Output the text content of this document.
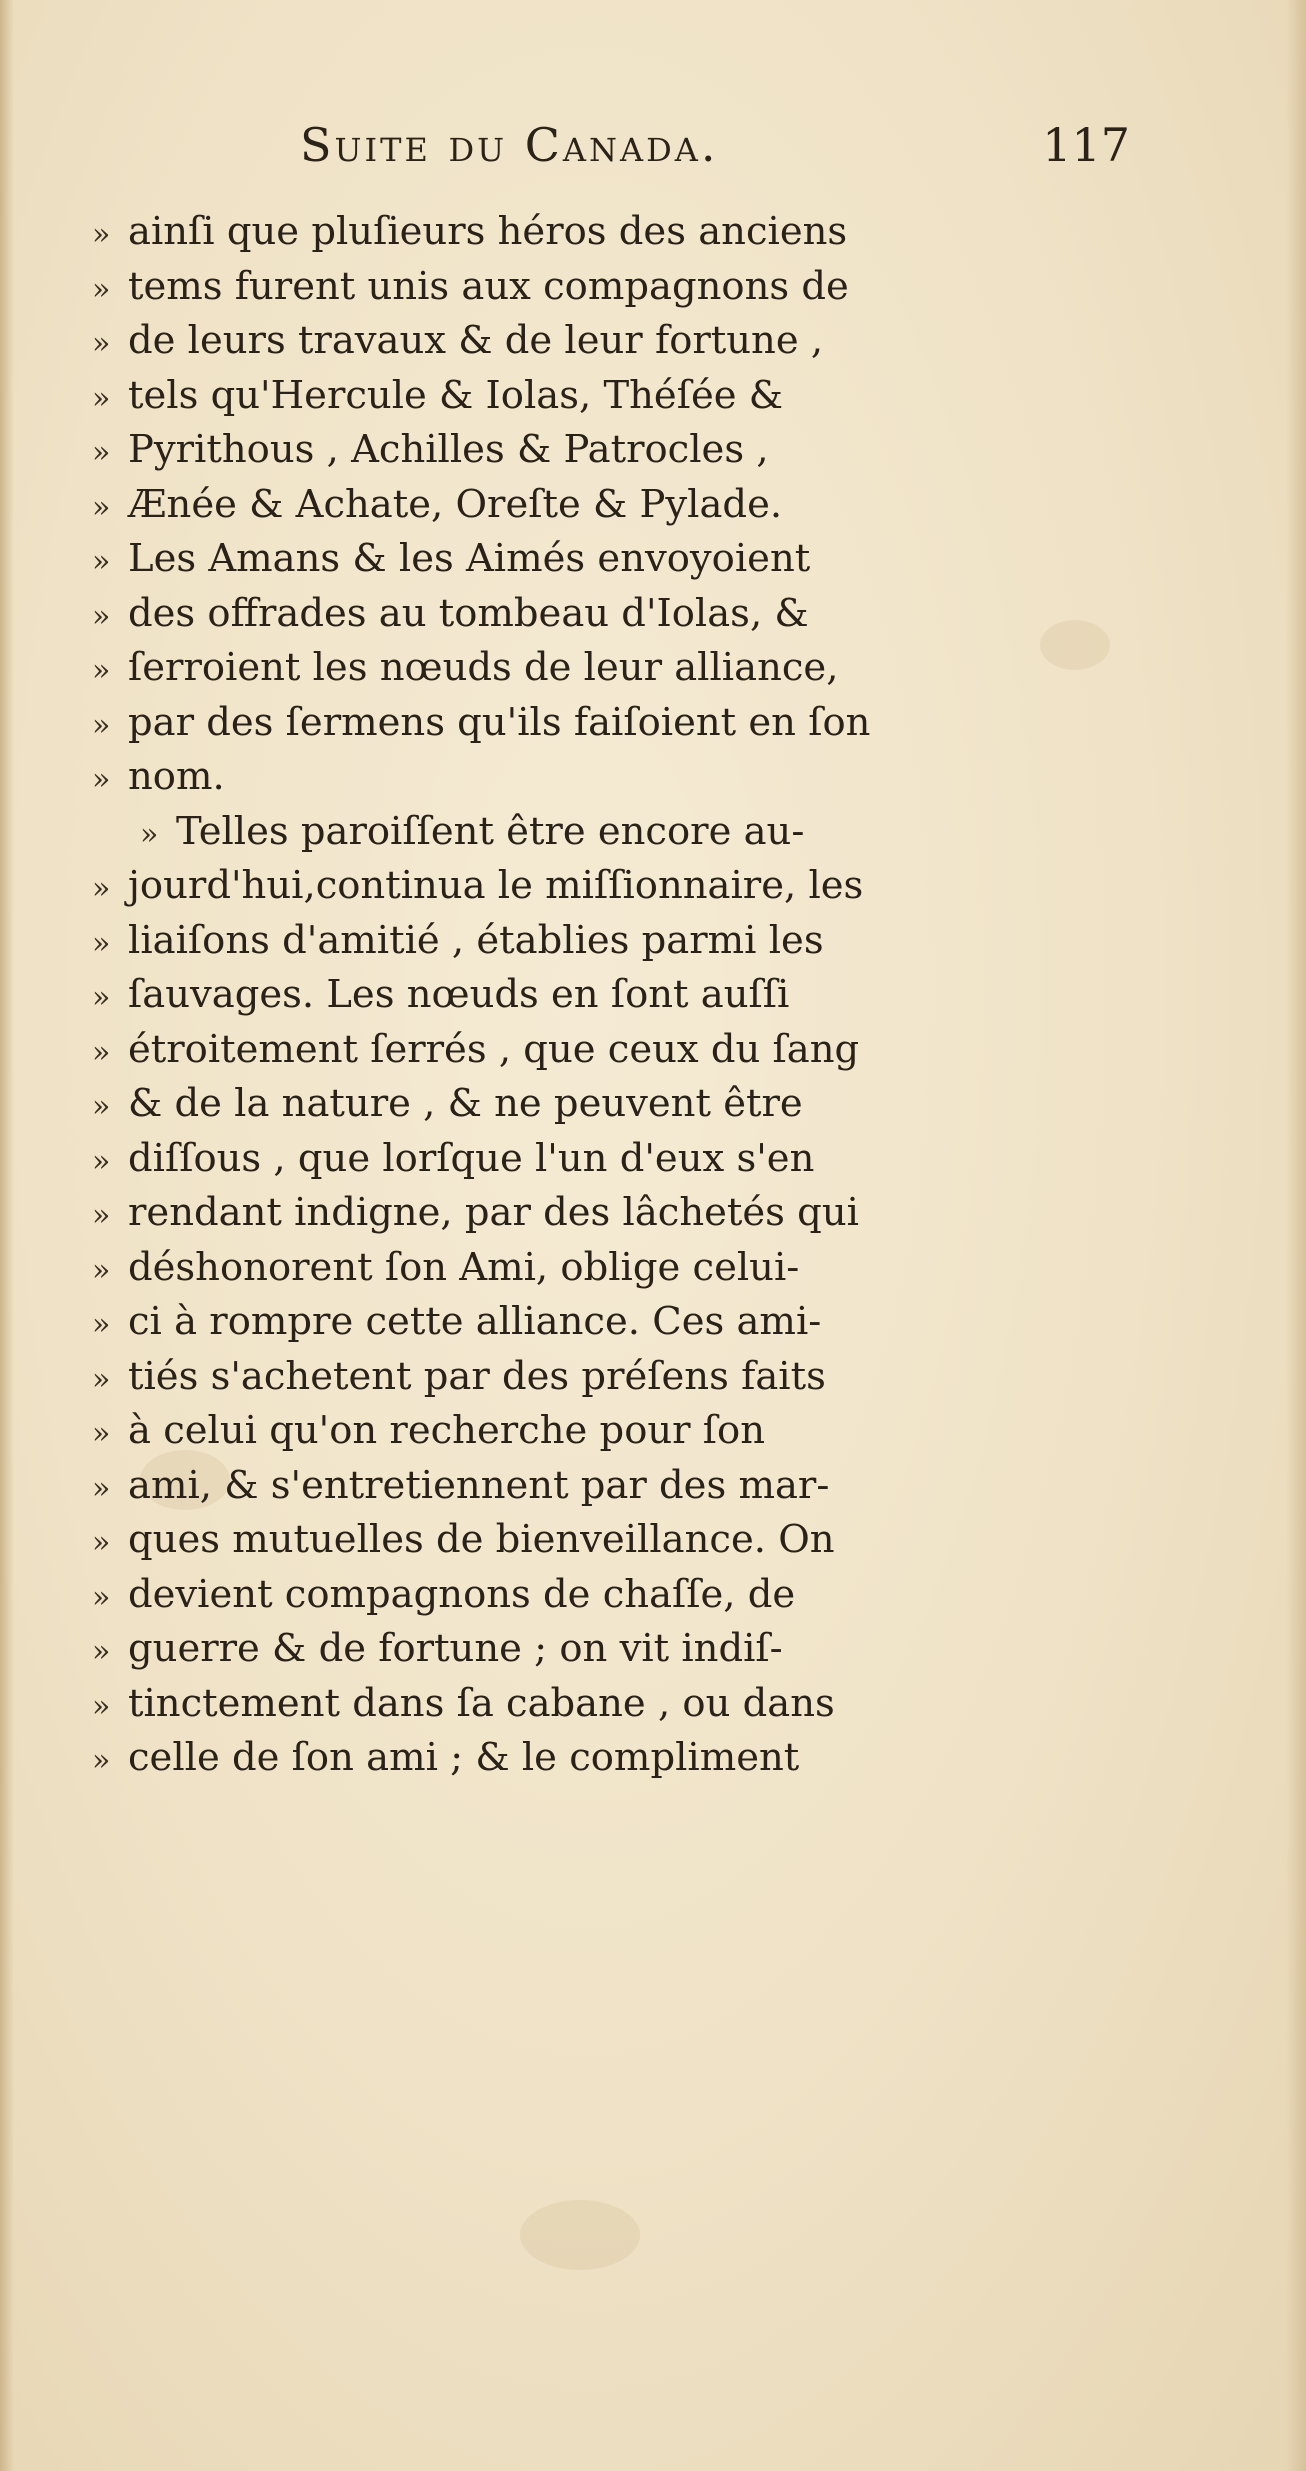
Suite du Canada.	117
» ainſi que pluſieurs héros des anciens
» tems furent unis aux compagnons de
» de leurs travaux & de leur fortune ,
» tels qu'Hercule & Iolas, Théſée &
» Pyrithous , Achilles & Patrocles ,
» Ænée & Achate, Oreſte & Pylade.
» Les Amans & les Aimés envoyoient
» des offrades au tombeau d'Iolas, &
» ſerroient les nœuds de leur alliance,
» par des ſermens qu'ils faiſoient en ſon
» nom.
» Telles paroiſſent être encore au-
» jourd'hui,continua le miſſionnaire, les
» liaiſons d'amitié , établies parmi les
» ſauvages. Les nœuds en ſont auſſi
» étroitement ſerrés , que ceux du ſang
» & de la nature , & ne peuvent être
» diſſous , que lorſque l'un d'eux s'en
» rendant indigne, par des lâchetés qui
» déshonorent ſon Ami, oblige celui-
» ci à rompre cette alliance. Ces ami-
» tiés s'achetent par des préſens faits
» à celui qu'on recherche pour ſon
» ami, & s'entretiennent par des mar-
» ques mutuelles de bienveillance. On
» devient compagnons de chaſſe, de
» guerre & de fortune ; on vit indiſ-
» tinctement dans ſa cabane , ou dans
» celle de ſon ami ; & le compliment
